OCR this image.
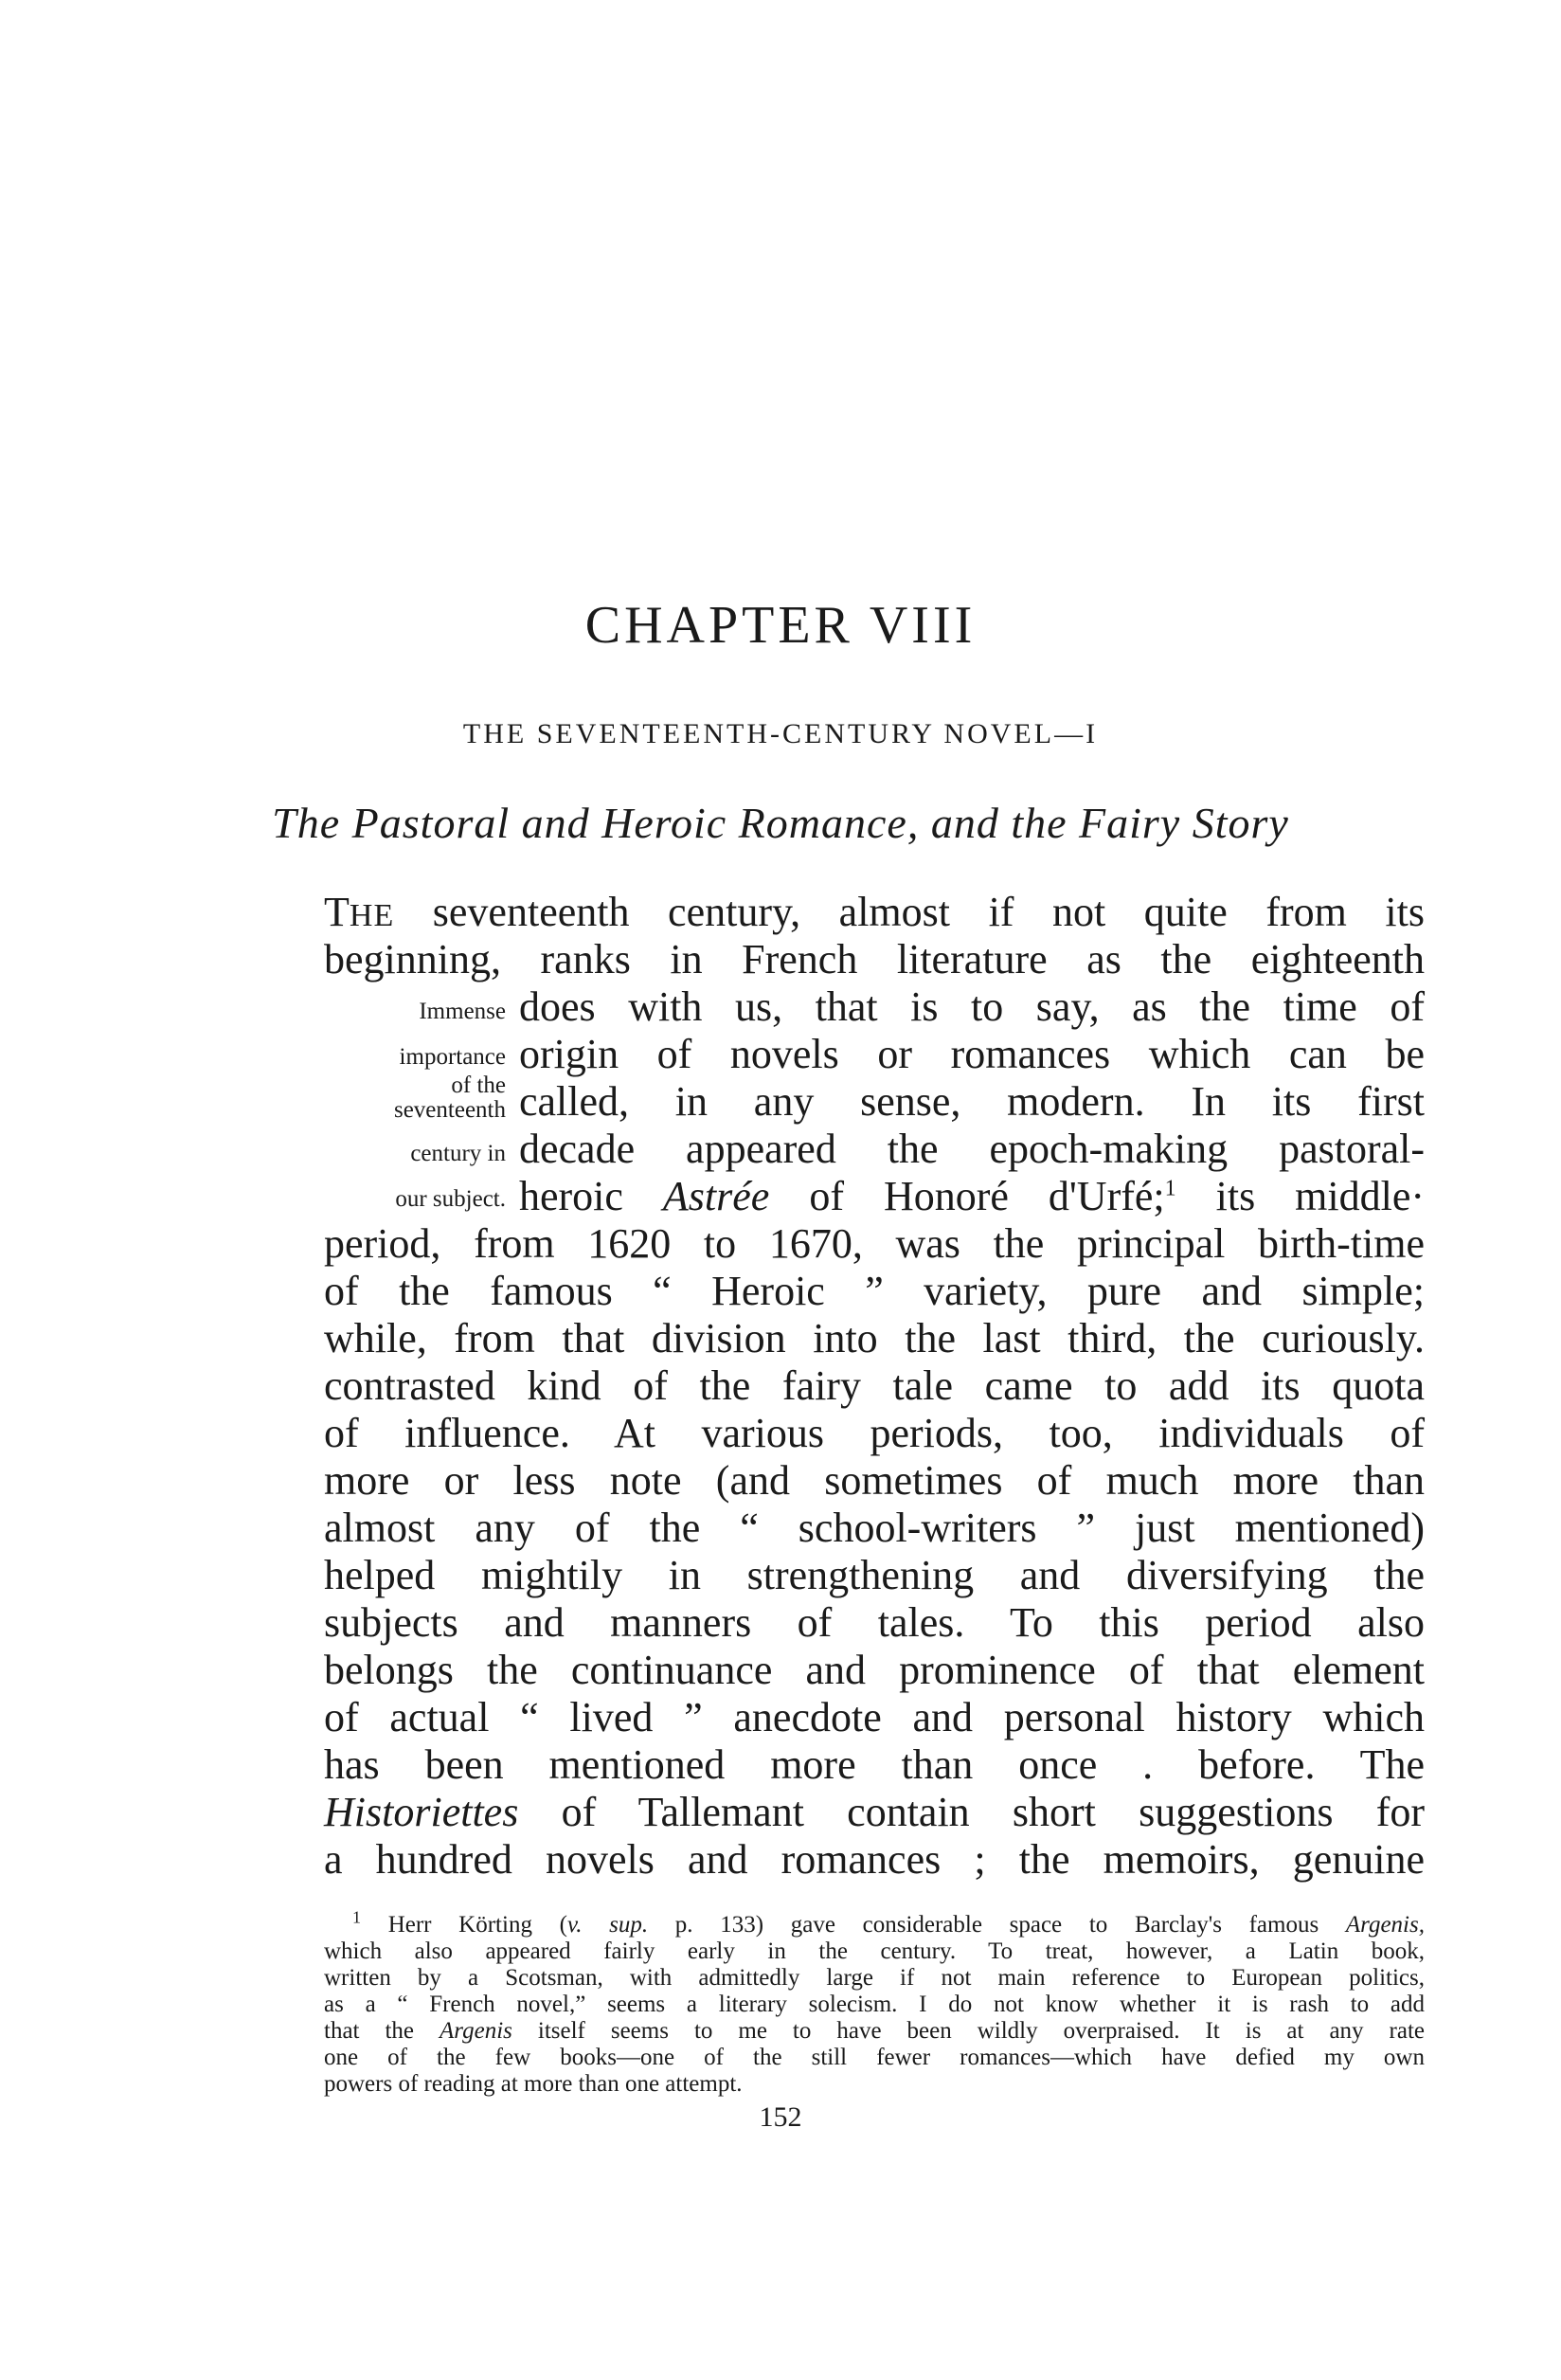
CHAPTER VIII
THE SEVENTEENTH-CENTURY NOVEL—I
The Pastoral and Heroic Romance, and the Fairy Story
THE seventeenth century, almost if not quite from its
beginning, ranks in French literature as the eighteenth
does with us, that is to say, as the time of
origin of novels or romances which can be
called, in any sense, modern. In its first
decade appeared the epoch-making pastoral-
heroic Astrée of Honoré d'Urfé;$^1$ its middle·
period, from 1620 to 1670, was the principal birth-time
of the famous “ Heroic ” variety, pure and simple;
while, from that division into the last third, the curiously.
contrasted kind of the fairy tale came to add its quota
of influence. At various periods, too, individuals of
more or less note (and sometimes of much more than
almost any of the “ school-writers ” just mentioned)
helped mightily in strengthening and diversifying the
subjects and manners of tales. To this period also
belongs the continuance and prominence of that element
of actual “ lived ” anecdote and personal history which
has been mentioned more than once . before. The
Historiettes of Tallemant contain short suggestions for
a hundred novels and romances ; the memoirs, genuine
Immense
importance
of the
seventeenth
century in
our subject.
$^1$ Herr Körting (v. sup. p. 133) gave considerable space to Barclay's famous Argenis,
which also appeared fairly early in the century. To treat, however, a Latin book,
written by a Scotsman, with admittedly large if not main reference to European politics,
as a “ French novel,” seems a literary solecism. I do not know whether it is rash to add
that the Argenis itself seems to me to have been wildly overpraised. It is at any rate
one of the few books—one of the still fewer romances—which have defied my own
powers of reading at more than one attempt.
152
